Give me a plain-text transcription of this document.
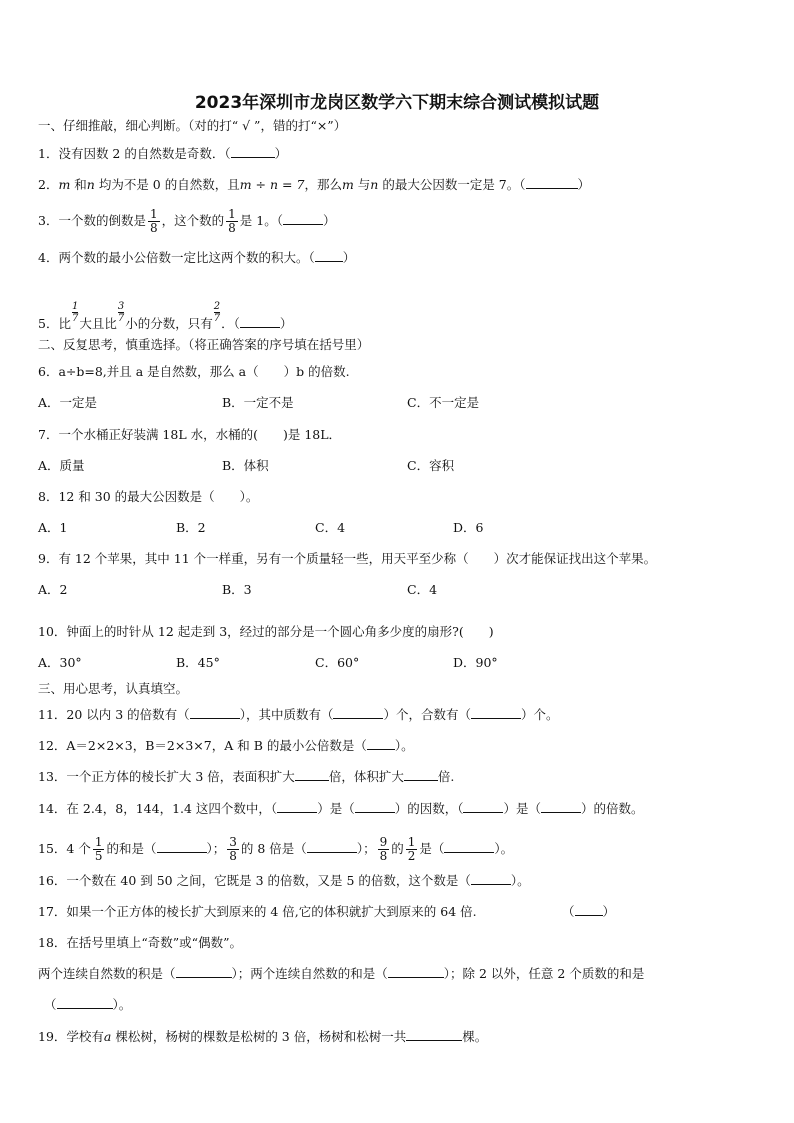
2023年深圳市龙岗区数学六下期末综合测试模拟试题
一、仔细推敲，细心判断。（对的打“ √ ”，错的打“×”）
1．没有因数 2 的自然数是奇数．（	）
2．m 和n 均为不是 0 的自然数，且m ÷ n = 7，那么m 与n 的最大公因数一定是 7。（	）
3．一个数的倒数是 $\frac{1}{8}$ ，这个数的 $\frac{1}{8}$ 是 1。（	）
4．两个数的最小公倍数一定比这两个数的积大。（ ）
5．比 $\frac{1}{7}$ 大且比 $\frac{3}{7}$ 小的分数，只有 $\frac{2}{7}$ ．（	）
二、反复思考，慎重选择。（将正确答案的序号填在括号里）
6．a÷b=8,并且 a 是自然数，那么 a（　　）b 的倍数.
A．一定是	B．一定不是	C．不一定是
7．一个水桶正好装满 18L 水，水桶的(　　)是 18L．
A．质量	B．体积	C．容积
8．12 和 30 的最大公因数是（　　）。
A．1	B．2	C．4	D．6
9．有 12 个苹果，其中 11 个一样重，另有一个质量轻一些，用天平至少称（　　）次才能保证找出这个苹果。
A．2	B．3	C．4
10．钟面上的时针从 12 起走到 3，经过的部分是一个圆心角多少度的扇形?(　　)
A．30°	B．45°	C．60°	D．90°
三、用心思考，认真填空。
11．20 以内 3 的倍数有（	），其中质数有（	）个，合数有（	）个。
12．A＝2×2×3，B＝2×3×7，A 和 B 的最小公倍数是（ ）。
13．一个正方体的棱长扩大 3 倍，表面积扩大	倍，体积扩大	倍.
14．在 2.4，8，144，1.4 这四个数中，（	）是（	）的因数，（	）是（	）的倍数。
15．4 个 $\frac{1}{5}$ 的和是（	）； $\frac{3}{8}$ 的 8 倍是（	）； $\frac{9}{8}$ 的 $\frac{1}{2}$ 是（	）。
16．一个数在 40 到 50 之间，它既是 3 的倍数，又是 5 的倍数，这个数是（	）。
17．如果一个正方体的棱长扩大到原来的 4 倍,它的体积就扩大到原来的 64 倍.	（ ）
18．在括号里填上“奇数”或“偶数”。
两个连续自然数的积是（	）；两个连续自然数的和是（	）；除 2 以外，任意 2 个质数的和是
（	）。
19．学校有a 棵松树，杨树的棵数是松树的 3 倍，杨树和松树一共	棵。
